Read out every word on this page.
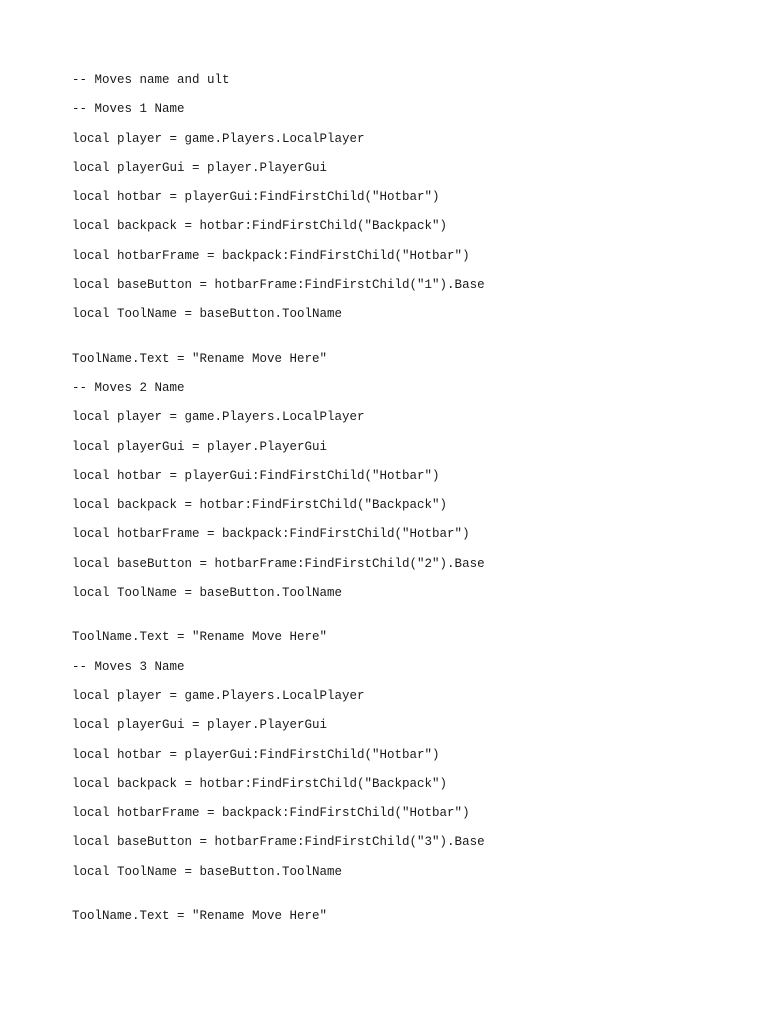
-- Moves name and ult
-- Moves 1 Name
local player = game.Players.LocalPlayer
local playerGui = player.PlayerGui
local hotbar = playerGui:FindFirstChild("Hotbar")
local backpack = hotbar:FindFirstChild("Backpack")
local hotbarFrame = backpack:FindFirstChild("Hotbar")
local baseButton = hotbarFrame:FindFirstChild("1").Base
local ToolName = baseButton.ToolName
ToolName.Text = "Rename Move Here"
-- Moves 2 Name
local player = game.Players.LocalPlayer
local playerGui = player.PlayerGui
local hotbar = playerGui:FindFirstChild("Hotbar")
local backpack = hotbar:FindFirstChild("Backpack")
local hotbarFrame = backpack:FindFirstChild("Hotbar")
local baseButton = hotbarFrame:FindFirstChild("2").Base
local ToolName = baseButton.ToolName
ToolName.Text = "Rename Move Here"
-- Moves 3 Name
local player = game.Players.LocalPlayer
local playerGui = player.PlayerGui
local hotbar = playerGui:FindFirstChild("Hotbar")
local backpack = hotbar:FindFirstChild("Backpack")
local hotbarFrame = backpack:FindFirstChild("Hotbar")
local baseButton = hotbarFrame:FindFirstChild("3").Base
local ToolName = baseButton.ToolName
ToolName.Text = "Rename Move Here"
